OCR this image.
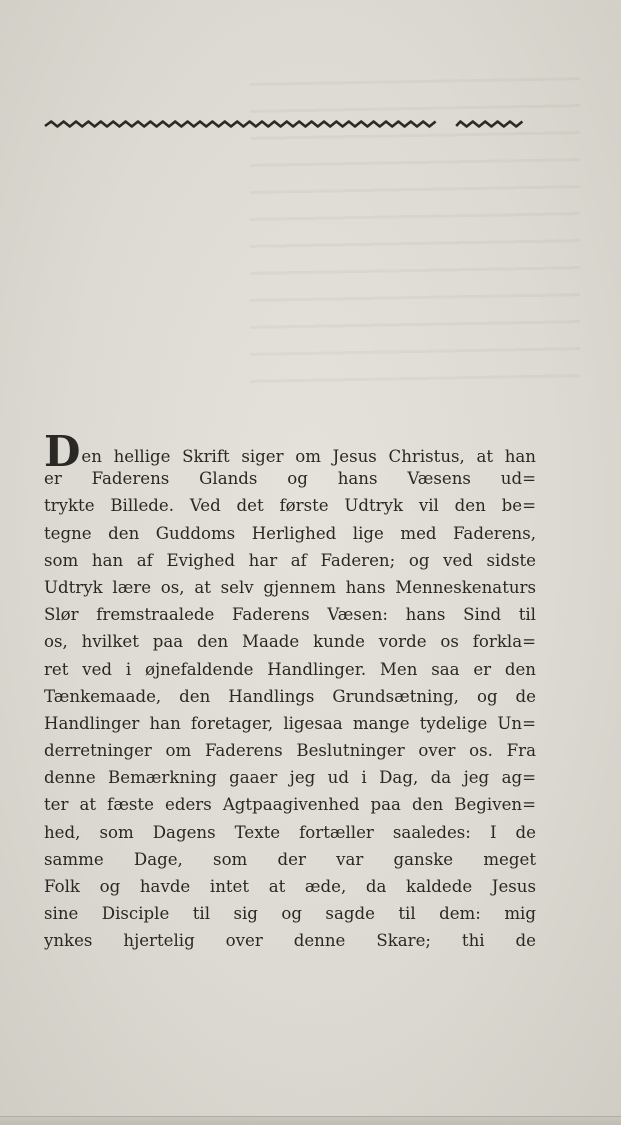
Den hellige Skrift siger om Jesus Christus, at han
er Faderens Glands og hans Væsens ud=
trykte Billede. Ved det første Udtryk vil den be=
tegne den Guddoms Herlighed lige med Faderens,
som han af Evighed har af Faderen; og ved sidste
Udtryk lære os, at selv gjennem hans Menneskenaturs
Slør fremstraalede Faderens Væsen: hans Sind til
os, hvilket paa den Maade kunde vorde os forkla=
ret ved i øjnefaldende Handlinger. Men saa er den
Tænkemaade, den Handlings Grundsætning, og de
Handlinger han foretager, ligesaa mange tydelige Un=
derretninger om Faderens Beslutninger over os. Fra
denne Bemærkning gaaer jeg ud i Dag, da jeg ag=
ter at fæste eders Agtpaagivenhed paa den Begiven=
hed, som Dagens Texte fortæller saaledes: I de
samme Dage, som der var ganske meget
Folk og havde intet at æde, da kaldede Jesus
sine Disciple til sig og sagde til dem: mig
ynkes hjertelig over denne Skare; thi de
